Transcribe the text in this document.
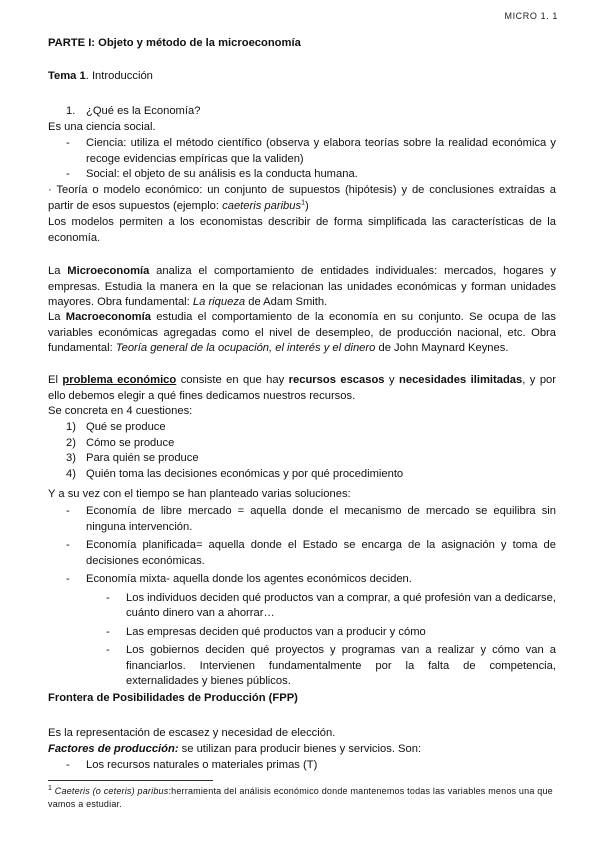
MICRO 1. 1
PARTE I: Objeto y método de la microeconomía
Tema 1. Introducción
1. ¿Qué es la Economía?
Es una ciencia social.
- Ciencia: utiliza el método científico (observa y elabora teorías sobre la realidad económica y recoge evidencias empíricas que la validen)
- Social: el objeto de su análisis es la conducta humana.
· Teoría o modelo económico: un conjunto de supuestos (hipótesis) y de conclusiones extraídas a partir de esos supuestos (ejemplo: caeteris paribus$^1$)
Los modelos permiten a los economistas describir de forma simplificada las características de la economía.
La Microeconomía analiza el comportamiento de entidades individuales: mercados, hogares y empresas. Estudia la manera en la que se relacionan las unidades económicas y forman unidades mayores. Obra fundamental: La riqueza de Adam Smith.
La Macroeconomía estudia el comportamiento de la economía en su conjunto. Se ocupa de las variables económicas agregadas como el nivel de desempleo, de producción nacional, etc. Obra fundamental: Teoría general de la ocupación, el interés y el dinero de John Maynard Keynes.
El problema económico consiste en que hay recursos escasos y necesidades ilimitadas, y por ello debemos elegir a qué fines dedicamos nuestros recursos.
Se concreta en 4 cuestiones:
1) Qué se produce
2) Cómo se produce
3) Para quién se produce
4) Quién toma las decisiones económicas y por qué procedimiento
Y a su vez con el tiempo se han planteado varias soluciones:
- Economía de libre mercado = aquella donde el mecanismo de mercado se equilibra sin ninguna intervención.
- Economía planificada= aquella donde el Estado se encarga de la asignación y toma de decisiones económicas.
- Economía mixta- aquella donde los agentes económicos deciden.
- Los individuos deciden qué productos van a comprar, a qué profesión van a dedicarse, cuánto dinero van a ahorrar…
- Las empresas deciden qué productos van a producir y cómo
- Los gobiernos deciden qué proyectos y programas van a realizar y cómo van a financiarlos. Intervienen fundamentalmente por la falta de competencia, externalidades y bienes públicos.
Frontera de Posibilidades de Producción (FPP)
Es la representación de escasez y necesidad de elección.
Factores de producción: se utilizan para producir bienes y servicios. Son:
- Los recursos naturales o materiales primas (T)
$^1$ Caeteris (o ceteris) paribus:herramienta del análisis económico donde mantenemos todas las variables menos una que vamos a estudiar.
